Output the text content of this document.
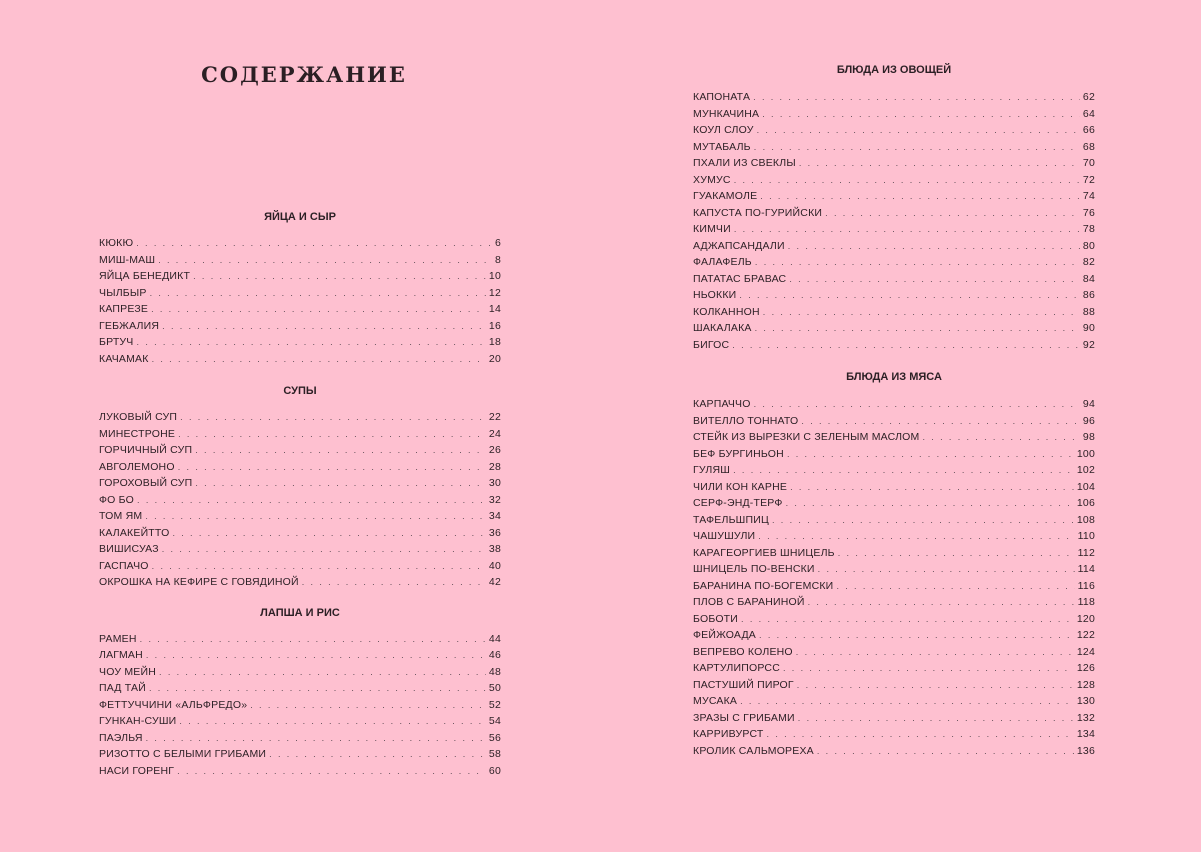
СОДЕРЖАНИЕ
ЯЙЦА И СЫР
КЮКЮ . . .	6
МИШ-МАШ . . .	8
ЯЙЦА БЕНЕДИКТ . . .	10
ЧЫЛБЫР . . .	12
КАПРЕЗЕ . . .	14
ГЕБЖАЛИЯ . . .	16
БРТУЧ . . .	18
КАЧАМАК . . .	20
СУПЫ
ЛУКОВЫЙ СУП . . .	22
МИНЕСТРОНЕ . . .	24
ГОРЧИЧНЫЙ СУП . . .	26
АВГОЛЕМОНО . . .	28
ГОРОХОВЫЙ СУП . . .	30
ФО БО . . .	32
ТОМ ЯМ . . .	34
КАЛАКЕЙТТО . . .	36
ВИШИСУАЗ . . .	38
ГАСПАЧО . . .	40
ОКРОШКА НА КЕФИРЕ С ГОВЯДИНОЙ . . .	42
ЛАПША И РИС
РАМЕН . . .	44
ЛАГМАН . . .	46
ЧОУ МЕЙН . . .	48
ПАД ТАЙ . . .	50
ФЕТТУЧЧИНИ «АЛЬФРЕДО» . . .	52
ГУНКАН-СУШИ . . .	54
ПАЭЛЬЯ . . .	56
РИЗОТТО С БЕЛЫМИ ГРИБАМИ . . .	58
НАСИ ГОРЕНГ . . .	60
БЛЮДА ИЗ ОВОЩЕЙ
КАПОНАТА . . .	62
МУНКАЧИНА . . .	64
КОУЛ СЛОУ . . .	66
МУТАБАЛЬ . . .	68
ПХАЛИ ИЗ СВЕКЛЫ . . .	70
ХУМУС . . .	72
ГУАКАМОЛЕ . . .	74
КАПУСТА ПО-ГУРИЙСКИ . . .	76
КИМЧИ . . .	78
АДЖАПСАНДАЛИ . . .	80
ФАЛАФЕЛЬ . . .	82
ПАТАТАС БРАВАС . . .	84
НЬОККИ . . .	86
КОЛКАННОН . . .	88
ШАКАЛАКА . . .	90
БИГОС . . .	92
БЛЮДА ИЗ МЯСА
КАРПАЧЧО . . .	94
ВИТЕЛЛО ТОННАТО . . .	96
СТЕЙК ИЗ ВЫРЕЗКИ С ЗЕЛЕНЫМ МАСЛОМ . . .	98
БЕФ БУРГИНЬОН . . .	100
ГУЛЯШ . . .	102
ЧИЛИ КОН КАРНЕ . . .	104
СЕРФ-ЭНД-ТЕРФ . . .	106
ТАФЕЛЬШПИЦ . . .	108
ЧАШУШУЛИ . . .	110
КАРАГЕОРГИЕВ ШНИЦЕЛЬ . . .	112
ШНИЦЕЛЬ ПО-ВЕНСКИ . . .	114
БАРАНИНА ПО-БОГЕМСКИ . . .	116
ПЛОВ С БАРАНИНОЙ . . .	118
БОБОТИ . . .	120
ФЕЙЖОАДА . . .	122
ВЕПРЕВО КОЛЕНО . . .	124
КАРТУЛИПОРСС . . .	126
ПАСТУШИЙ ПИРОГ . . .	128
МУСАКА . . .	130
ЗРАЗЫ С ГРИБАМИ . . .	132
КАРРИВУРСТ . . .	134
КРОЛИК САЛЬМОРЕХА . . .	136
